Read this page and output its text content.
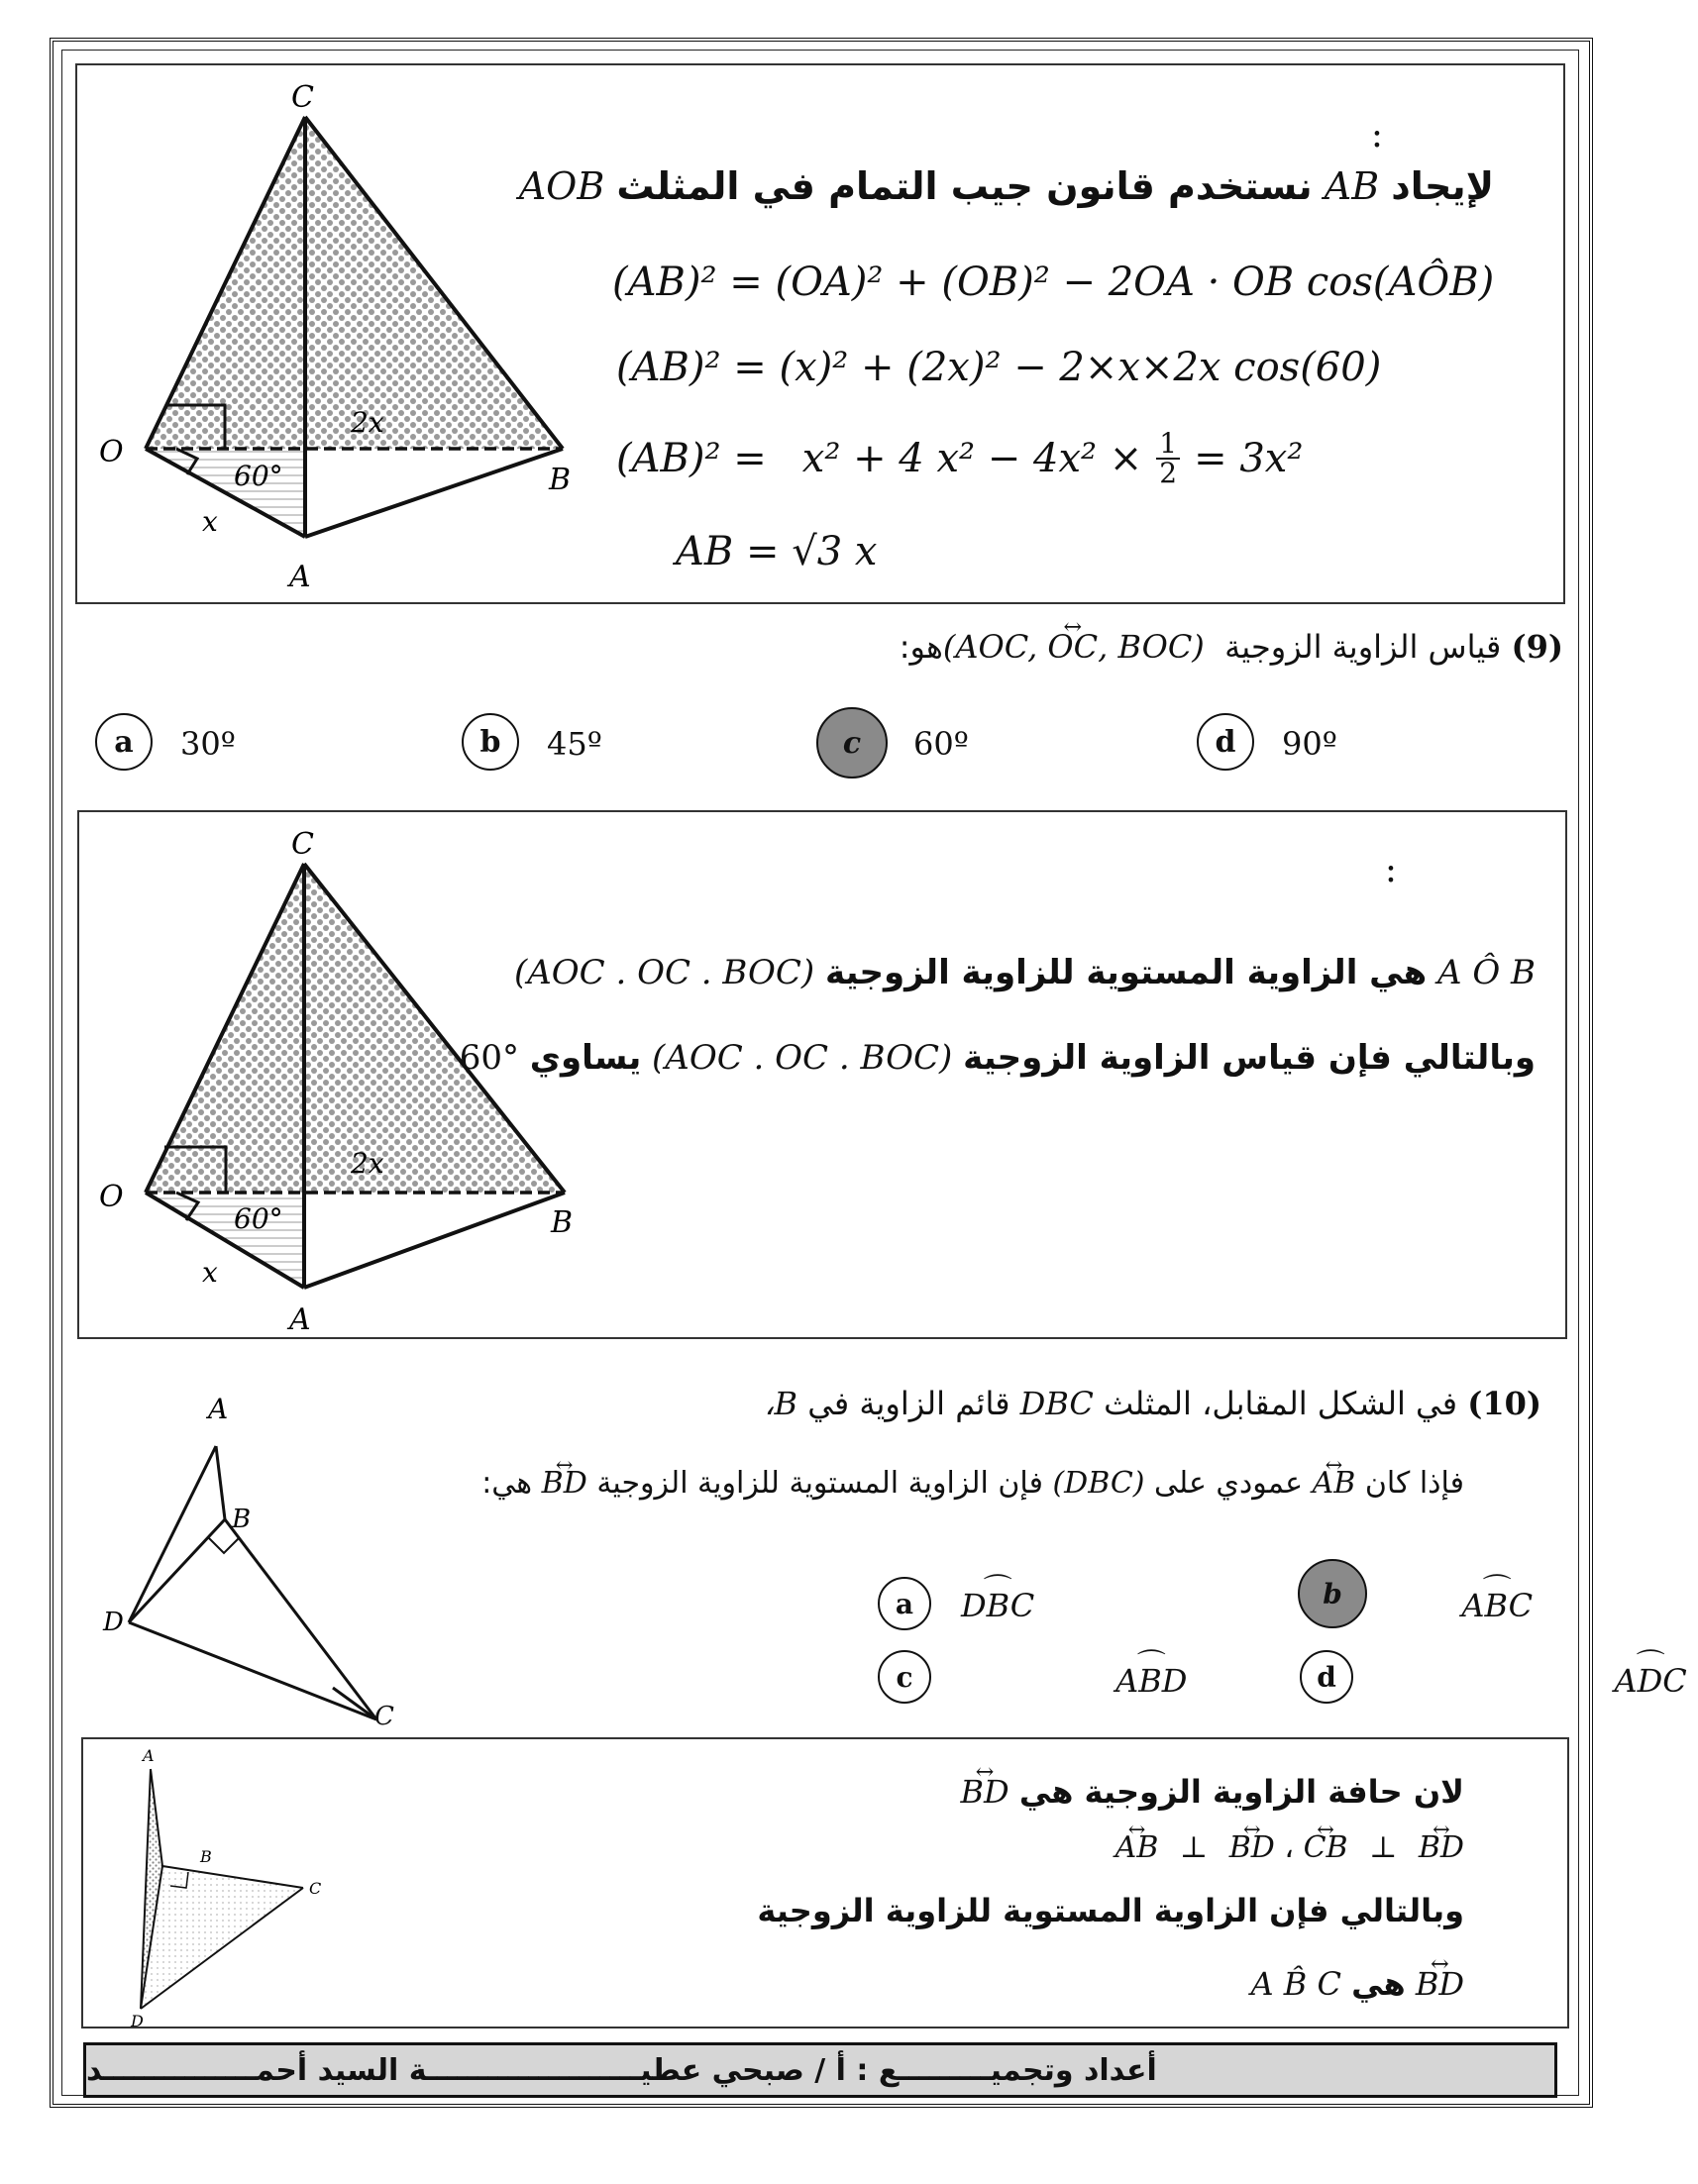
C
O
B
A
x
2x
60°
:
لإيجاد AB نستخدم قانون جيب التمام في المثلث AOB
(AB)² = (OA)² + (OB)² − 2OA · OB cos(AÔB)
(AB)² = (x)² + (2x)² − 2×x×2x cos(60)
(AB)² = x² + 4 $x^2 - 4x^2 \times \frac{1}{2} = 3x^2$
AB = √3 x
(9) قياس الزاوية الزوجية (AOC, ↔ OC, BOC) هو:
a	30º	b	45º	c	60º	d	90º
C
O
B
A
x
2x
60°
:
A Ô B هي الزاوية المستوية للزاوية الزوجية (AOC . OC . BOC)
وبالتالي فإن قياس الزاوية الزوجية (AOC . OC . BOC) يساوي 60°
A
B
D
C
(10) في الشكل المقابل، المثلث DBC قائم الزاوية في B،
فإذا كان ↔ AB عمودي على (DBC) فإن الزاوية المستوية للزاوية الزوجية ↔ BD هي:
a	⌒ DBC	b	⌒ ABC
c	⌒ ABD	d	⌒ ADC
A
B
C
D
لان حافة الزاوية الزوجية هي ↔ BD
↔ AB ⊥ ↔ BD ، ↔ CB ⊥ ↔ BD
وبالتالي فإن الزاوية المستوية للزاوية الزوجية
↔ BD هي A B̂ C
أعداد وتجميـــــــــع : أ / صبحي عطيـــــــــــــــــــــة السيد أحمـــــــــــــــد
